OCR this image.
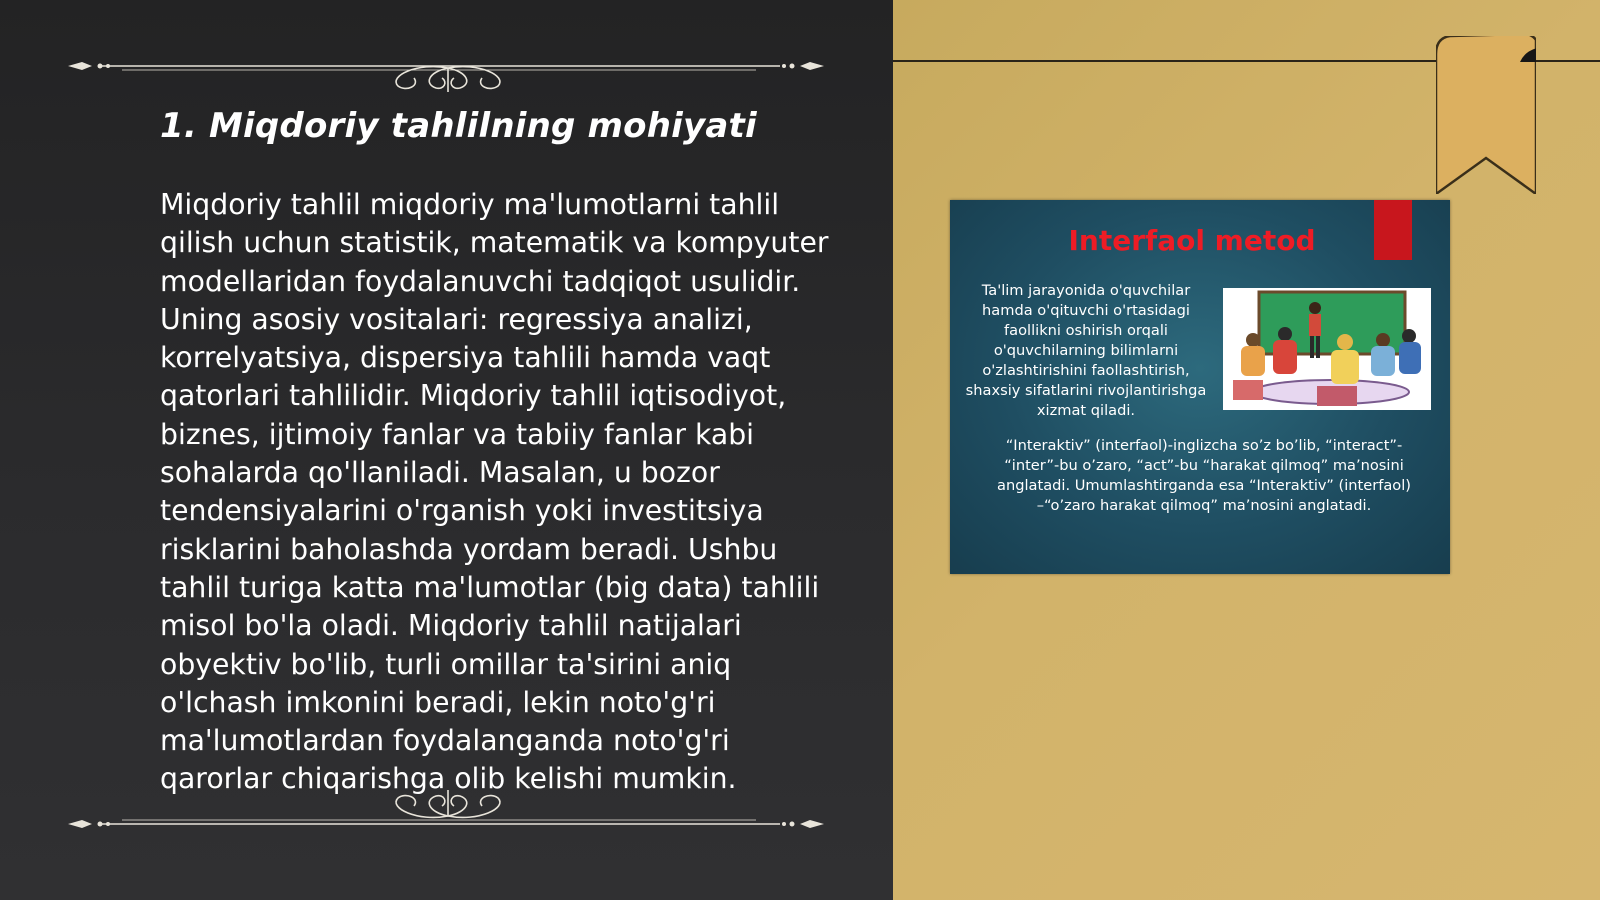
1. Miqdoriy tahlilning mohiyati

Miqdoriy tahlil miqdoriy ma'lumotlarni tahlil qilish uchun statistik, matematik va kompyuter modellaridan foydalanuvchi tadqiqot usulidir. Uning asosiy vositalari: regressiya analizi, korrelyatsiya, dispersiya tahlili hamda vaqt qatorlari tahlilidir. Miqdoriy tahlil iqtisodiyot, biznes, ijtimoiy fanlar va tabiiy fanlar kabi sohalarda qo'llaniladi. Masalan, u bozor tendensiyalarini o'rganish yoki investitsiya risklarini baholashda yordam beradi. Ushbu tahlil turiga katta ma'lumotlar (big data) tahlili misol bo'la oladi. Miqdoriy tahlil natijalari obyektiv bo'lib, turli omillar ta'sirini aniq o'lchash imkonini beradi, lekin noto'g'ri ma'lumotlardan foydalanganda noto'g'ri qarorlar chiqarishga olib kelishi mumkin.

Interfaol metod

Ta'lim jarayonida o'quvchilar hamda o'qituvchi o'rtasidagi faollikni oshirish orqali o'quvchilarning bilimlarni o'zlashtirishini faollashtirish, shaxsiy sifatlarini rivojlantirishga xizmat qiladi.

“Interaktiv” (interfaol)-inglizcha so’z bo’lib, “interact”- “inter”-bu o’zaro, “act”-bu “harakat qilmoq” ma’nosini anglatadi. Umumlashtirganda esa “Interaktiv” (interfaol) –“o’zaro harakat qilmoq” ma’nosini anglatadi.
